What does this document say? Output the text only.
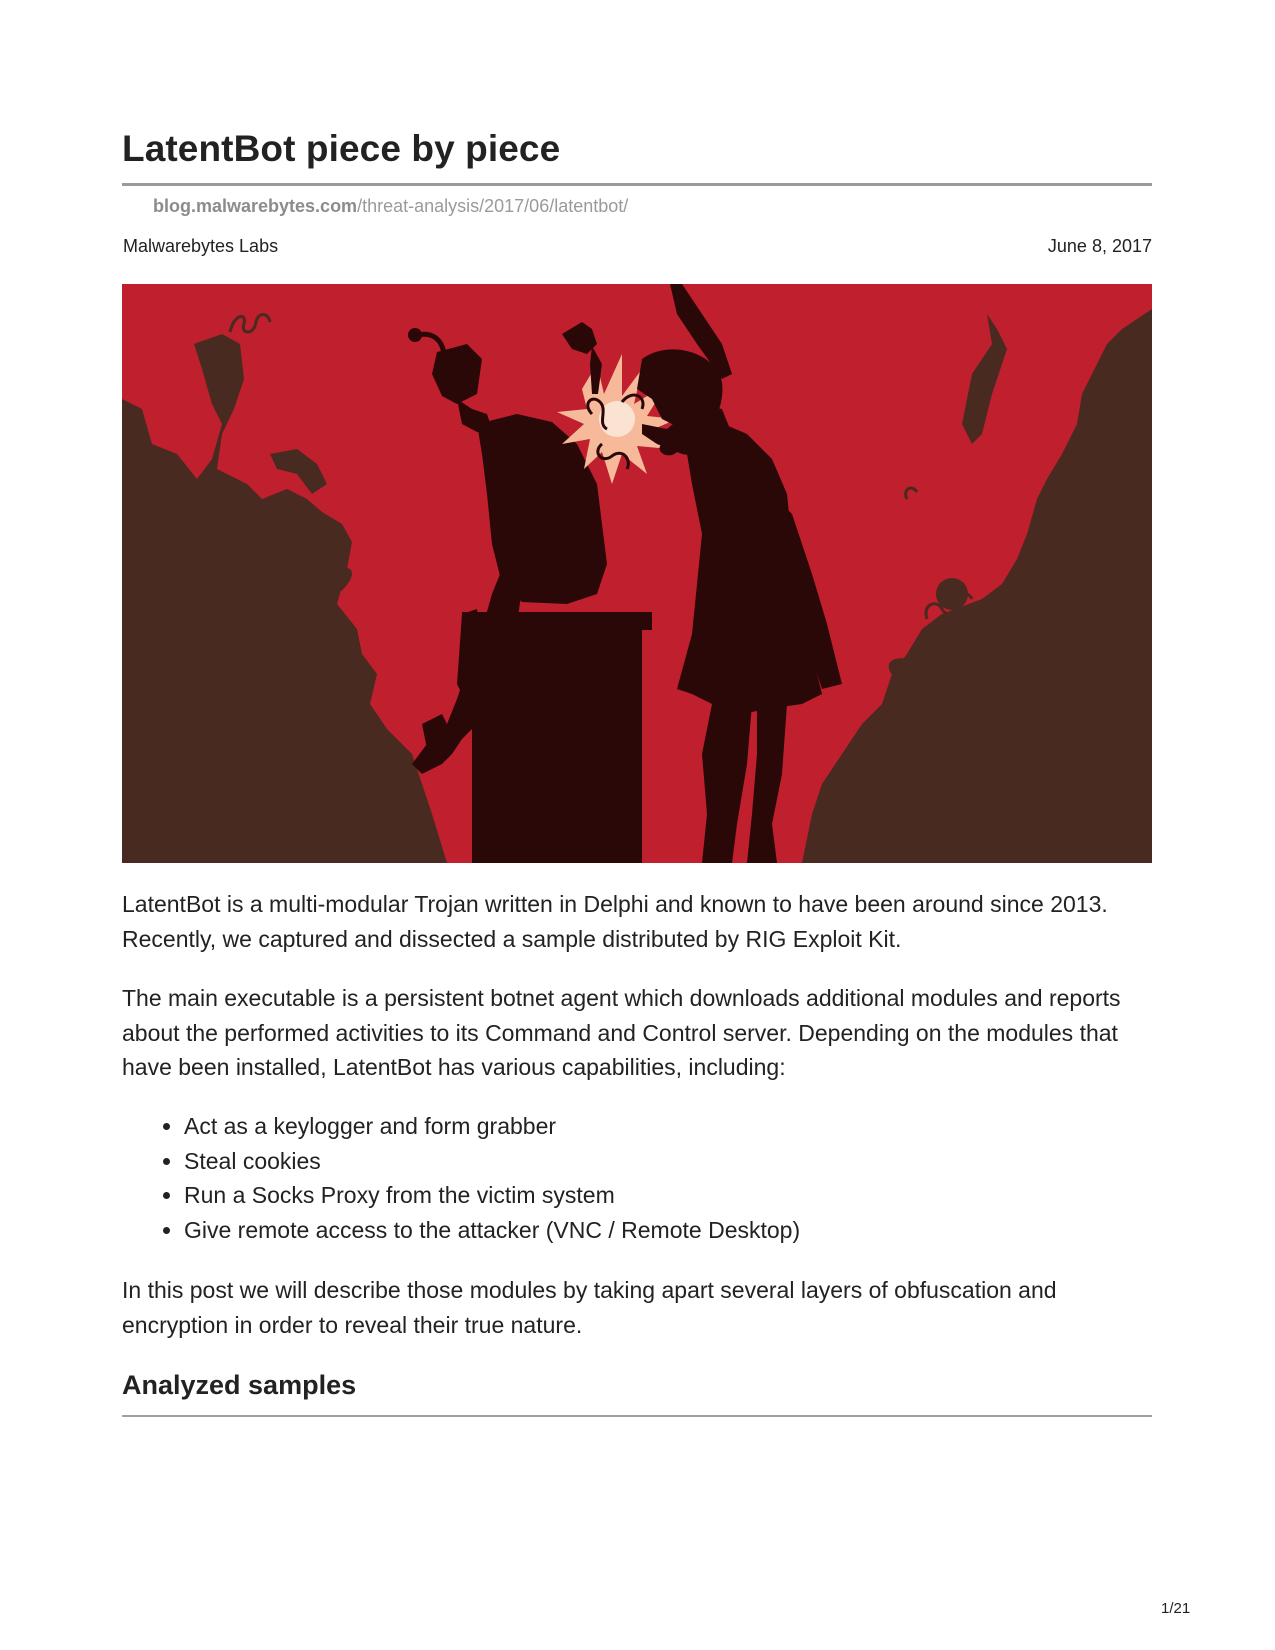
LatentBot piece by piece
blog.malwarebytes.com/threat-analysis/2017/06/latentbot/
Malwarebytes Labs	June 8, 2017

LatentBot is a multi-modular Trojan written in Delphi and known to have been around since 2013. Recently, we captured and dissected a sample distributed by RIG Exploit Kit.

The main executable is a persistent botnet agent which downloads additional modules and reports about the performed activities to its Command and Control server. Depending on the modules that have been installed, LatentBot has various capabilities, including:

• Act as a keylogger and form grabber
• Steal cookies
• Run a Socks Proxy from the victim system
• Give remote access to the attacker (VNC / Remote Desktop)

In this post we will describe those modules by taking apart several layers of obfuscation and encryption in order to reveal their true nature.

Analyzed samples
1/21
